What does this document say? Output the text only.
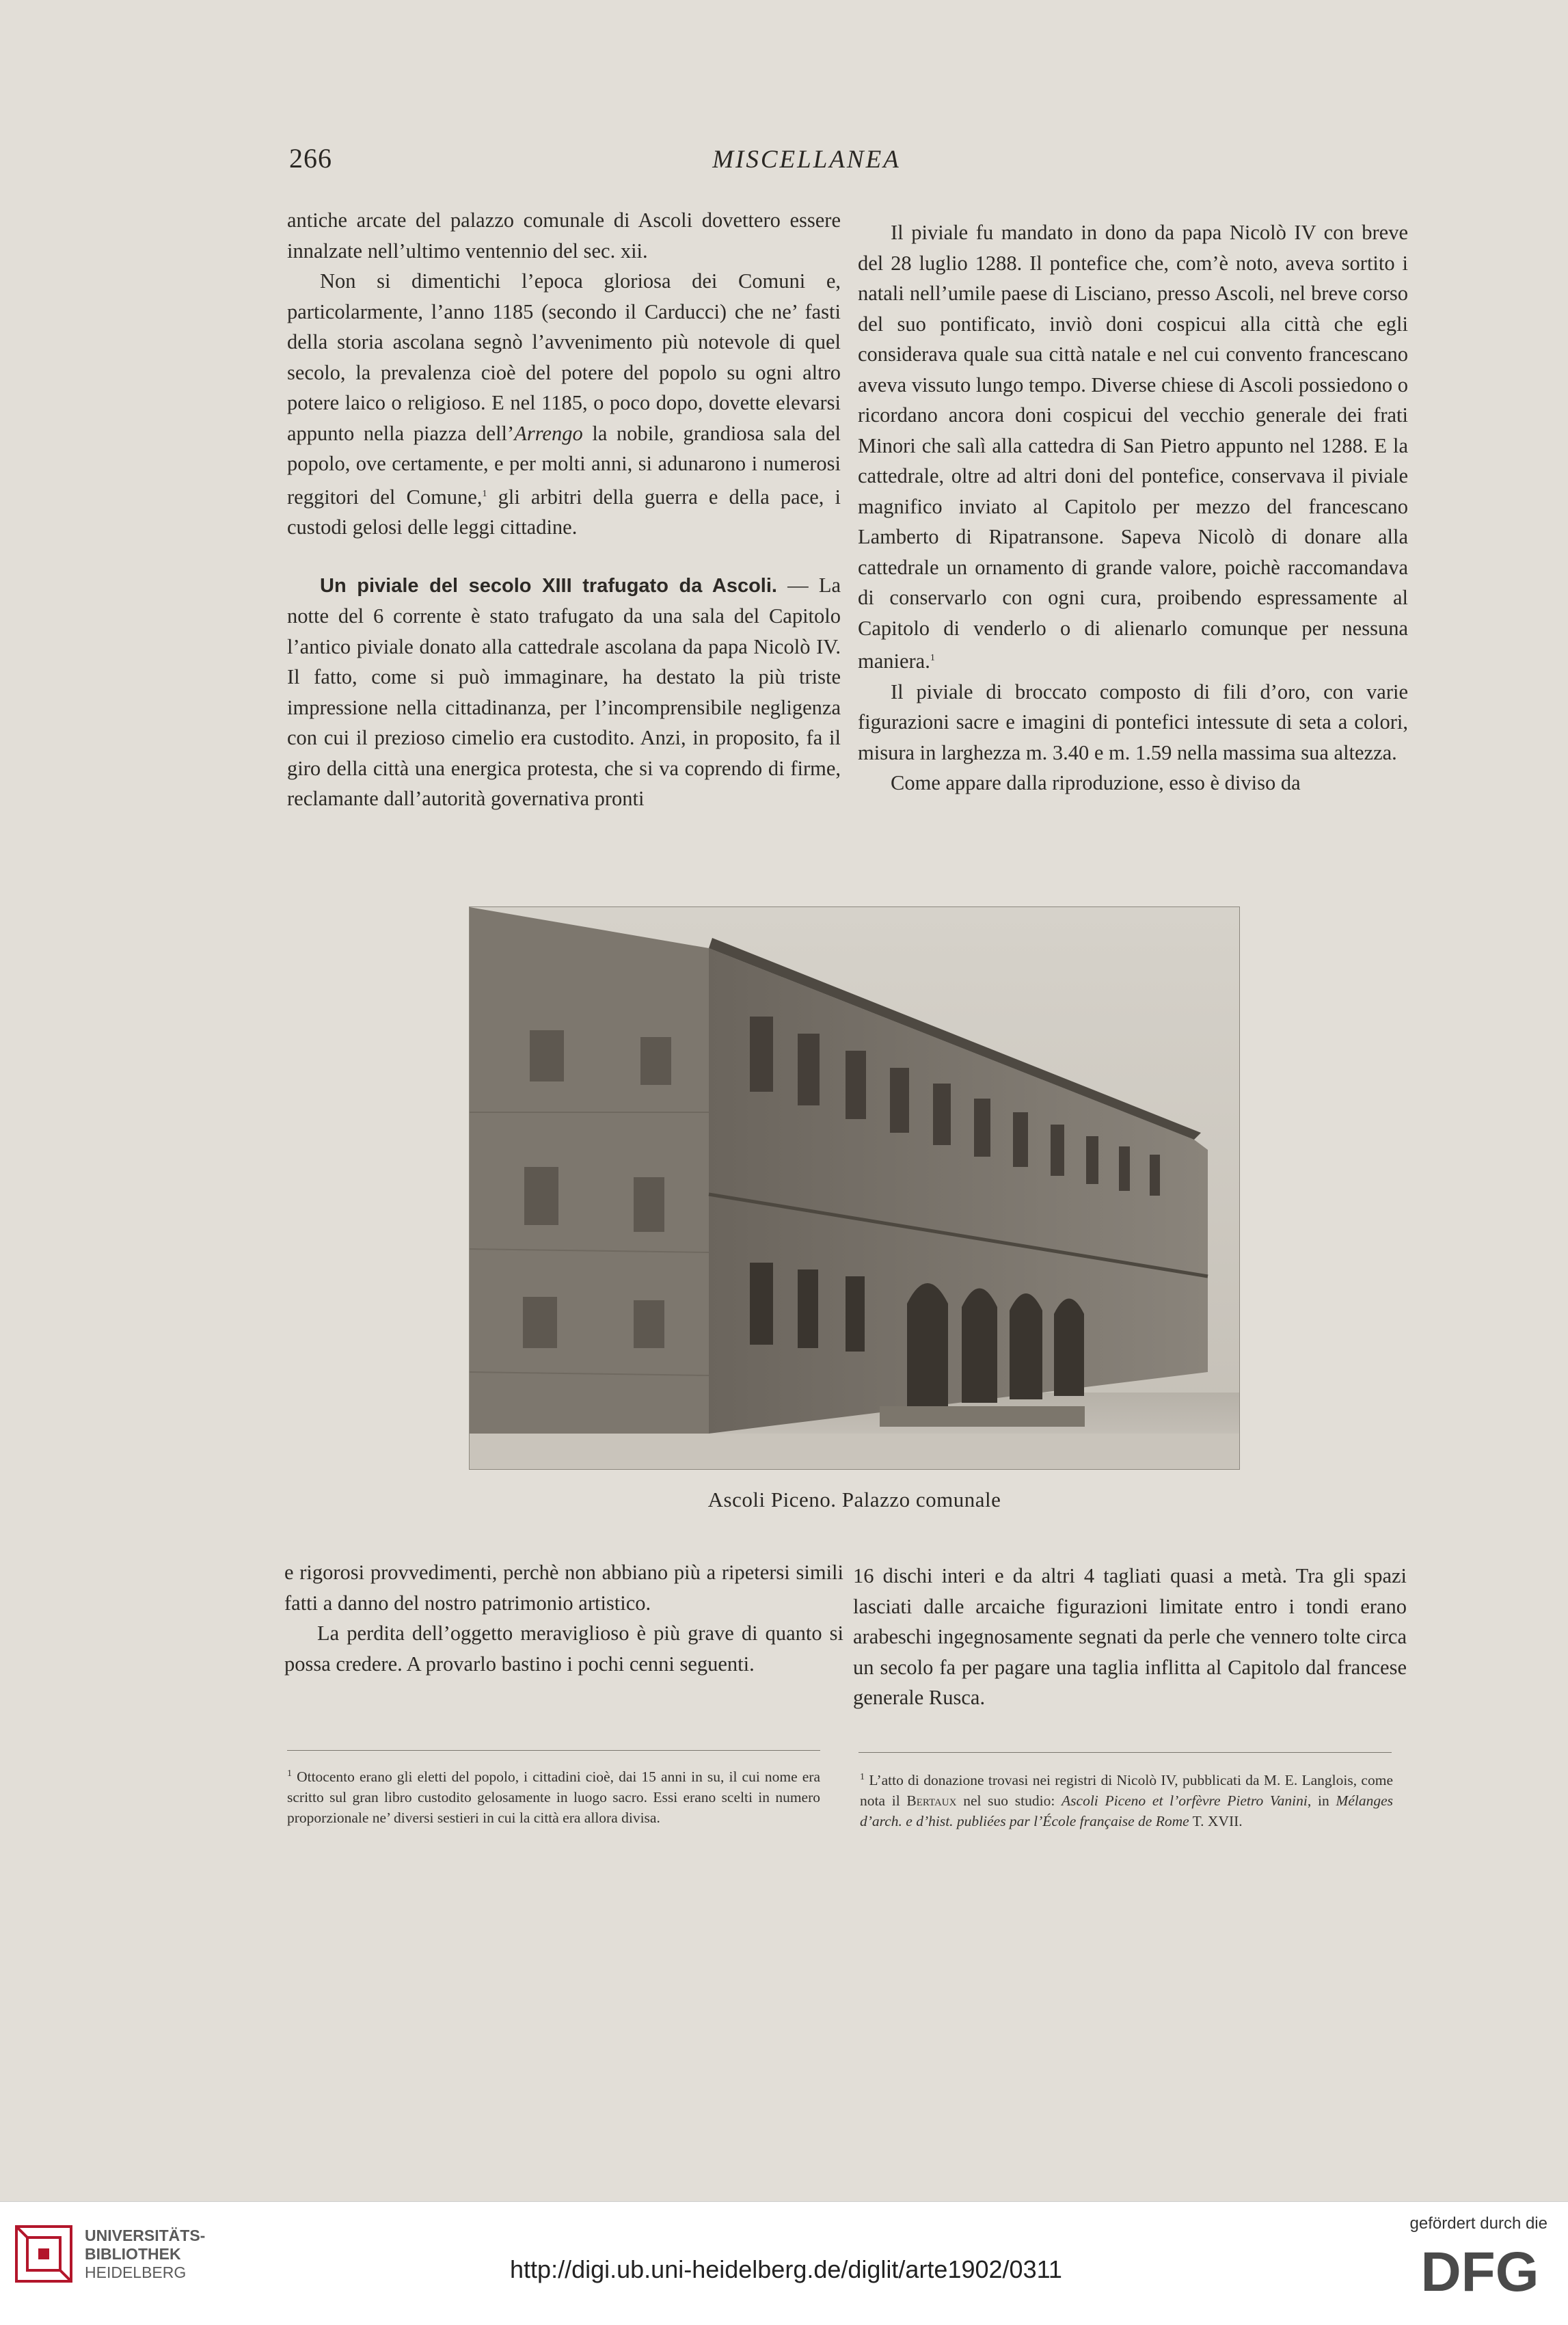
266	MISCELLANEA

antiche arcate del palazzo comunale di Ascoli dovettero essere innalzate nell’ultimo ventennio del sec. xii.

Non si dimentichi l’epoca gloriosa dei Comuni e, particolarmente, l’anno 1185 (secondo il Carducci) che ne’ fasti della storia ascolana segnò l’avvenimento più notevole di quel secolo, la prevalenza cioè del potere del popolo su ogni altro potere laico o religioso. E nel 1185, o poco dopo, dovette elevarsi appunto nella piazza dell’Arrengo la nobile, grandiosa sala del popolo, ove certamente, e per molti anni, si adunarono i numerosi reggitori del Comune,$^1$ gli arbitri della guerra e della pace, i custodi gelosi delle leggi cittadine.

Un piviale del secolo XIII trafugato da Ascoli. — La notte del 6 corrente è stato trafugato da una sala del Capitolo l’antico piviale donato alla cattedrale ascolana da papa Nicolò IV. Il fatto, come si può immaginare, ha destato la più triste impressione nella cittadinanza, per l’incomprensibile negligenza con cui il prezioso cimelio era custodito. Anzi, in proposito, fa il giro della città una energica protesta, che si va coprendo di firme, reclamante dall’autorità governativa pronti

Il piviale fu mandato in dono da papa Nicolò IV con breve del 28 luglio 1288. Il pontefice che, com’è noto, aveva sortito i natali nell’umile paese di Lisciano, presso Ascoli, nel breve corso del suo pontificato, inviò doni cospicui alla città che egli considerava quale sua città natale e nel cui convento francescano aveva vissuto lungo tempo. Diverse chiese di Ascoli possiedono o ricordano ancora doni cospicui del vecchio generale dei frati Minori che salì alla cattedra di San Pietro appunto nel 1288. E la cattedrale, oltre ad altri doni del pontefice, conservava il piviale magnifico inviato al Capitolo per mezzo del francescano Lamberto di Ripatransone. Sapeva Nicolò di donare alla cattedrale un ornamento di grande valore, poichè raccomandava di conservarlo con ogni cura, proibendo espressamente al Capitolo di venderlo o di alienarlo comunque per nessuna maniera.$^1$

Il piviale di broccato composto di fili d’oro, con varie figurazioni sacre e imagini di pontefici intessute di seta a colori, misura in larghezza m. 3.40 e m. 1.59 nella massima sua altezza.

Come appare dalla riproduzione, esso è diviso da

Ascoli Piceno. Palazzo comunale

e rigorosi provvedimenti, perchè non abbiano più a ripetersi simili fatti a danno del nostro patrimonio artistico.

La perdita dell’oggetto meraviglioso è più grave di quanto si possa credere. A provarlo bastino i pochi cenni seguenti.

16 dischi interi e da altri 4 tagliati quasi a metà. Tra gli spazi lasciati dalle arcaiche figurazioni limitate entro i tondi erano arabeschi ingegnosamente segnati da perle che vennero tolte circa un secolo fa per pagare una taglia inflitta al Capitolo dal francese generale Rusca.

$^1$ Ottocento erano gli eletti del popolo, i cittadini cioè, dai 15 anni in su, il cui nome era scritto sul gran libro custodito gelosamente in luogo sacro. Essi erano scelti in numero proporzionale ne’ diversi sestieri in cui la città era allora divisa.
$^1$ L’atto di donazione trovasi nei registri di Nicolò IV, pubblicati da M. E. Langlois, come nota il Bertaux nel suo studio: Ascoli Piceno et l’orfèvre Pietro Vanini, in Mélanges d’arch. e d’hist. publiées par l’École française de Rome T. XVII.
UNIVERSITÄTS-
BIBLIOTHEK
HEIDELBERG	http://digi.ub.uni-heidelberg.de/diglit/arte1902/0311
gefördert durch die
DFG
